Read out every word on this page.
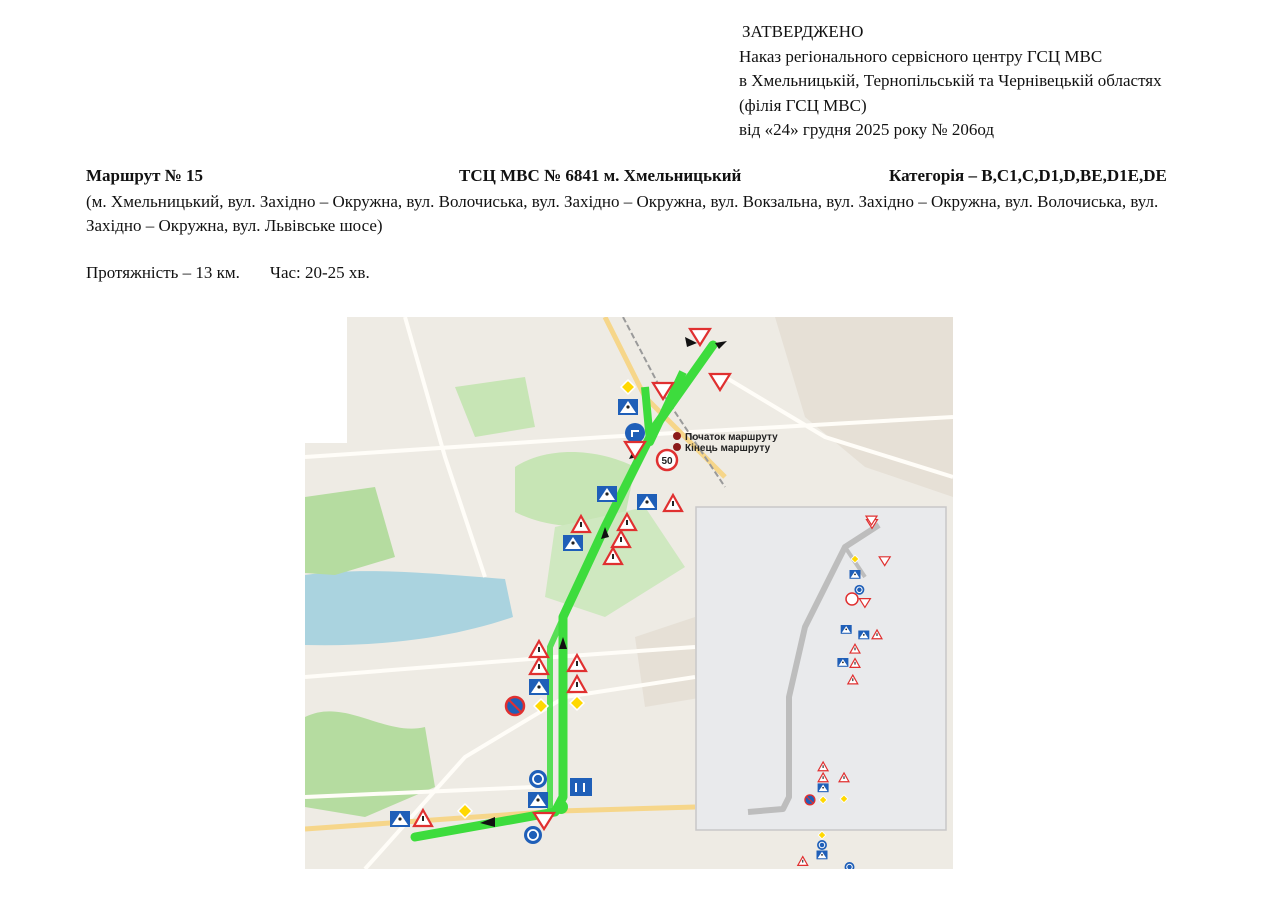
ЗАТВЕРДЖЕНО
Наказ регіонального сервісного центру ГСЦ МВС
в Хмельницькій, Тернопільській та Чернівецькій областях
(філія ГСЦ МВС)
від «24» грудня 2025 року № 206од
Маршрут № 15	ТСЦ МВС № 6841 м. Хмельницький	Категорія – B,C1,C,D1,D,BE,D1E,DE
(м. Хмельницький, вул. Західно – Окружна, вул. Волочиська, вул. Західно – Окружна, вул. Вокзальна, вул. Західно – Окружна, вул. Волочиська, вул. Західно – Окружна, вул. Львівське шосе)
Протяжність – 13 км. Час: 20-25 хв.
50
Початок маршруту
Кінець маршруту
